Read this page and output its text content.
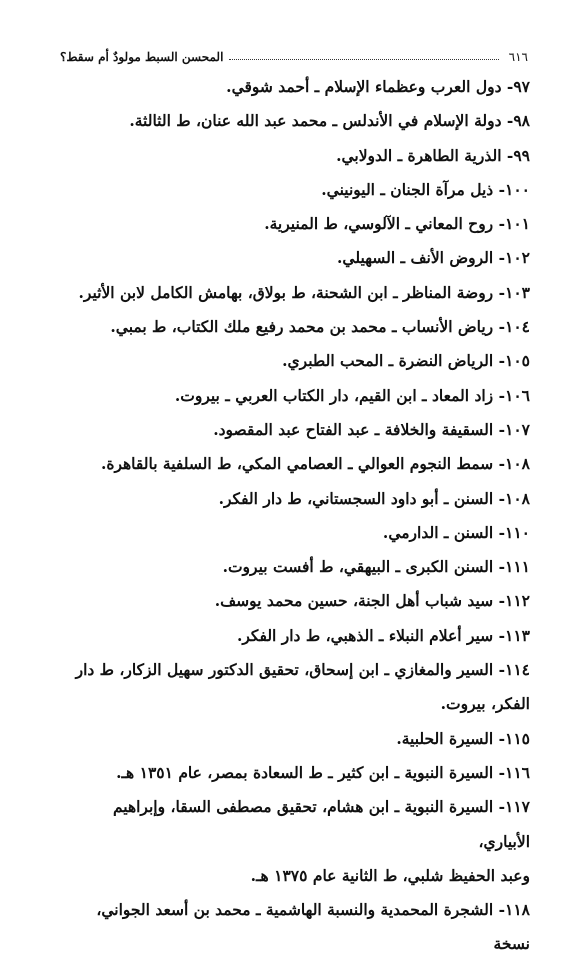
٦١٦
المحسن السبط مولودٌ أم سقط؟
٩٧- دول العرب وعظماء الإسلام ـ أحمد شوقي.
٩٨- دولة الإسلام في الأندلس ـ محمد عبد الله عنان، ط الثالثة.
٩٩- الذرية الطاهرة ـ الدولابي.
١٠٠- ذيل مرآة الجنان ـ اليونيني.
١٠١- روح المعاني ـ الآلوسي، ط المنيرية.
١٠٢- الروض الأنف ـ السهيلي.
١٠٣- روضة المناظر ـ ابن الشحنة، ط بولاق، بهامش الكامل لابن الأثير.
١٠٤- رياض الأنساب ـ محمد بن محمد رفيع ملك الكتاب، ط بمبي.
١٠٥- الرياض النضرة ـ المحب الطبري.
١٠٦- زاد المعاد ـ ابن القيم، دار الكتاب العربي ـ بيروت.
١٠٧- السقيفة والخلافة ـ عبد الفتاح عبد المقصود.
١٠٨- سمط النجوم العوالي ـ العصامي المكي، ط السلفية بالقاهرة.
١٠٨- السنن ـ أبو داود السجستاني، ط دار الفكر.
١١٠- السنن ـ الدارمي.
١١١- السنن الكبرى ـ البيهقي، ط أفست بيروت.
١١٢- سيد شباب أهل الجنة، حسين محمد يوسف.
١١٣- سير أعلام النبلاء ـ الذهبي، ط دار الفكر.
١١٤- السير والمغازي ـ ابن إسحاق، تحقيق الدكتور سهيل الزكار، ط دار
الفكر، بيروت.
١١٥- السيرة الحلبية.
١١٦- السيرة النبوية ـ ابن كثير ـ ط السعادة بمصر، عام ١٣٥١ هـ.
١١٧- السيرة النبوية ـ ابن هشام، تحقيق مصطفى السقا، وإبراهيم الأبياري،
وعبد الحفيظ شلبي، ط الثانية عام ١٣٧٥ هـ.
١١٨- الشجرة المحمدية والنسبة الهاشمية ـ محمد بن أسعد الجواني، نسخة
